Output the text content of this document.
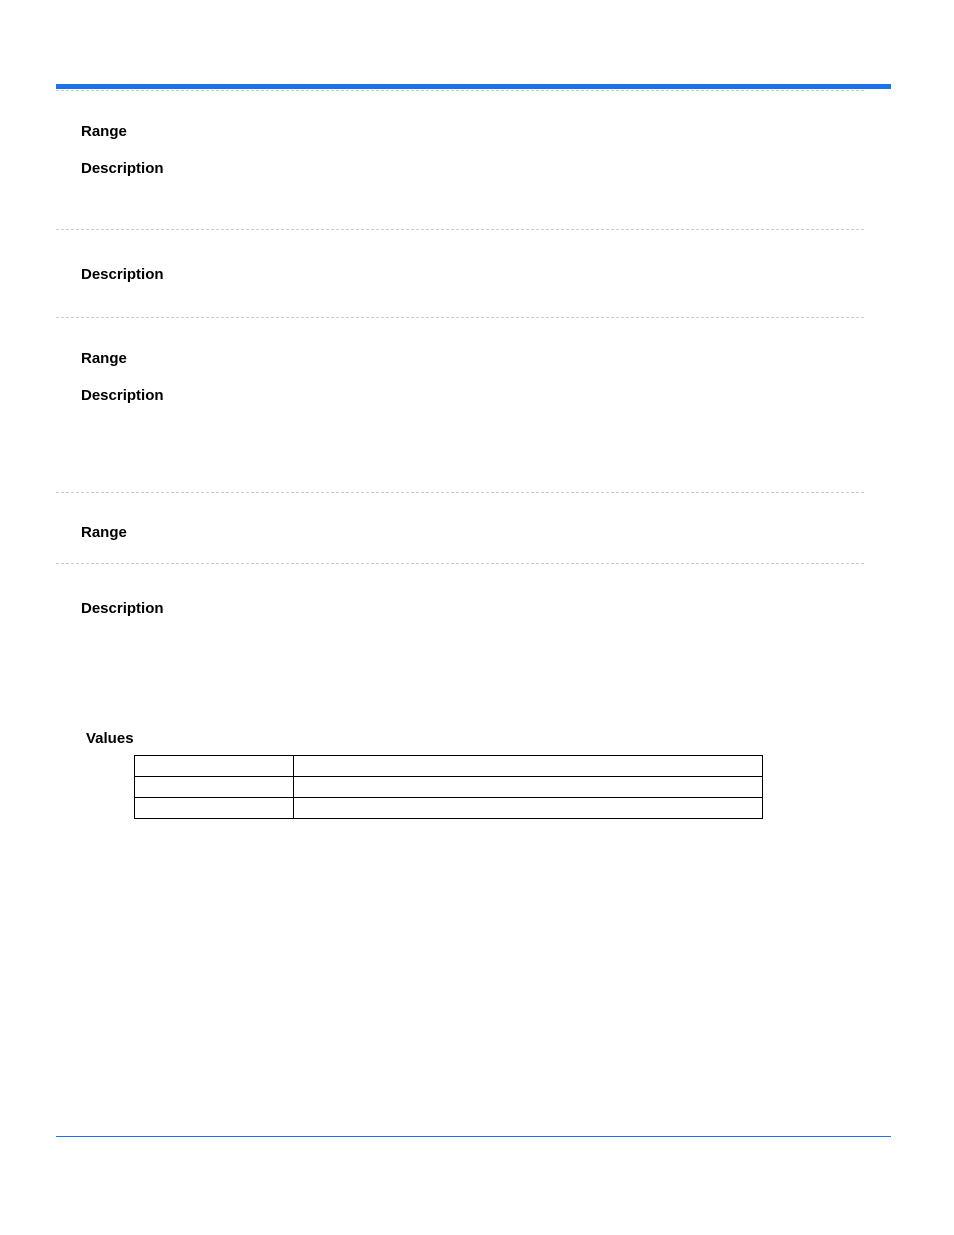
Range
Description
Description
Range
Description
Range
Description
Values
